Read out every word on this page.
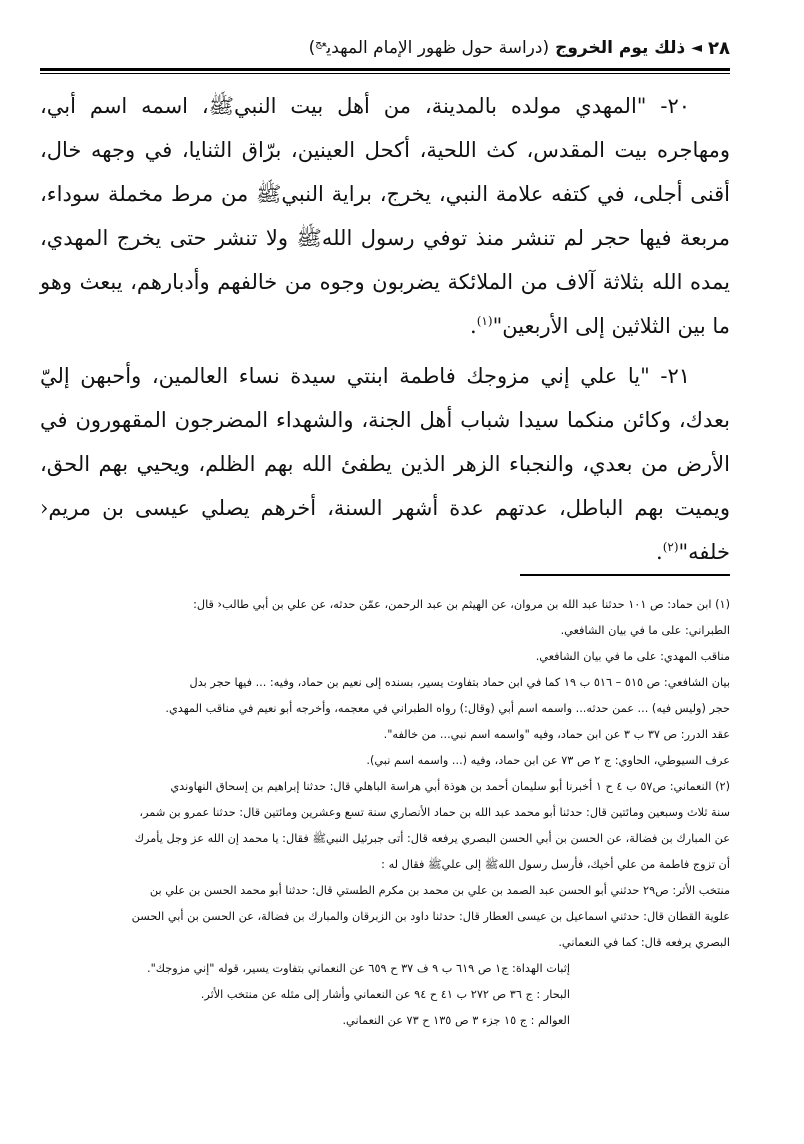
٢٨
◄
ذلك يوم الخروج
(دراسة حول ظهور الإمام المهدي$^{عج}$)

٢٠- "المهدي مولده بالمدينة، من أهل بيت النبيﷺ، اسمه اسم أبي، ومهاجره بيت المقدس، كث اللحية، أكحل العينين، برّاق الثنايا، في وجهه خال، أقنى أجلى، في كتفه علامة النبي، يخرج، براية النبيﷺ من مرط مخملة سوداء، مربعة فيها حجر لم تنشر منذ توفي رسول اللهﷺ ولا تنشر حتى يخرج المهدي، يمده الله بثلاثة آلاف من الملائكة يضربون وجوه من خالفهم وأدبارهم، يبعث وهو ما بين الثلاثين إلى الأربعين"$^{(١)}$.

٢١- "يا علي إني مزوجك فاطمة ابنتي سيدة نساء العالمين، وأحبهن إليّ بعدك، وكائن منكما سيدا شباب أهل الجنة، والشهداء المضرجون المقهورون في الأرض من بعدي، والنجباء الزهر الذين يطفئ الله بهم الظلم، ويحيي بهم الحق، ويميت بهم الباطل، عدتهم عدة أشهر السنة، أخرهم يصلي عيسى بن مريم‹ خلفه"$^{(٢)}$.

(١) ابن حماد: ص ١٠١ حدثنا عبد الله بن مروان، عن الهيثم بن عبد الرحمن، عمّن حدثه، عن علي بن أبي طالب‹ قال:
الطبراني: على ما في بيان الشافعي.
مناقب المهدي: على ما في بيان الشافعي.
بيان الشافعي: ص ٥١٥ – ٥١٦ ب ١٩ كما في ابن حماد بتفاوت يسير، بسنده إلى نعيم بن حماد، وفيه: ... فيها حجر بدل
حجر (وليس فيه) ... عمن حدثه... واسمه اسم أبي (وقال:) رواه الطبراني في معجمه، وأخرجه أبو نعيم في مناقب المهدي.
عقد الدرر: ص ٣٧ ب ٣ عن ابن حماد، وفيه "واسمه اسم نبي... من خالفه".
عرف السيوطي، الحاوي: ج ٢ ص ٧٣ عن ابن حماد، وفيه (... واسمه اسم نبي).
(٢) النعماني: ص٥٧ ب ٤ ح ١ أخبرنا أبو سليمان أحمد بن هوذة أبي هراسة الباهلي قال: حدثنا إبراهيم بن إسحاق النهاوندي
سنة ثلاث وسبعين ومائتين قال: حدثنا أبو محمد عبد الله بن حماد الأنصاري سنة تسع وعشرين ومائتين قال: حدثنا عمرو بن شمر،
عن المبارك بن فضالة، عن الحسن بن أبي الحسن البصري يرفعه قال: أتى جبرئيل النبيﷺ فقال: يا محمد إن الله عز وجل يأمرك
أن تزوج فاطمة من علي أخيك، فأرسل رسول اللهﷺ إلى عليﷺ فقال له :
منتخب الأثر: ص٢٩ حدثني أبو الحسن عبد الصمد بن علي بن محمد بن مكرم الطستي قال: حدثنا أبو محمد الحسن بن علي بن
علوية القطان قال: حدثني اسماعيل بن عيسى العطار قال: حدثنا داود بن الزبرقان والمبارك بن فضالة، عن الحسن بن أبي الحسن
البصري يرفعه قال: كما في النعماني.
إثبات الهداة: ج١ ص ٦١٩ ب ٩ ف ٣٧ ح ٦٥٩ عن النعماني بتفاوت يسير، قوله "إني مزوجك".
البحار : ج ٣٦ ص ٢٧٢ ب ٤١ ح ٩٤ عن النعماني وأشار إلى مثله عن منتخب الأثر.
العوالم : ج ١٥ جزء ٣ ص ١٣٥ ح ٧٣ عن النعماني.
